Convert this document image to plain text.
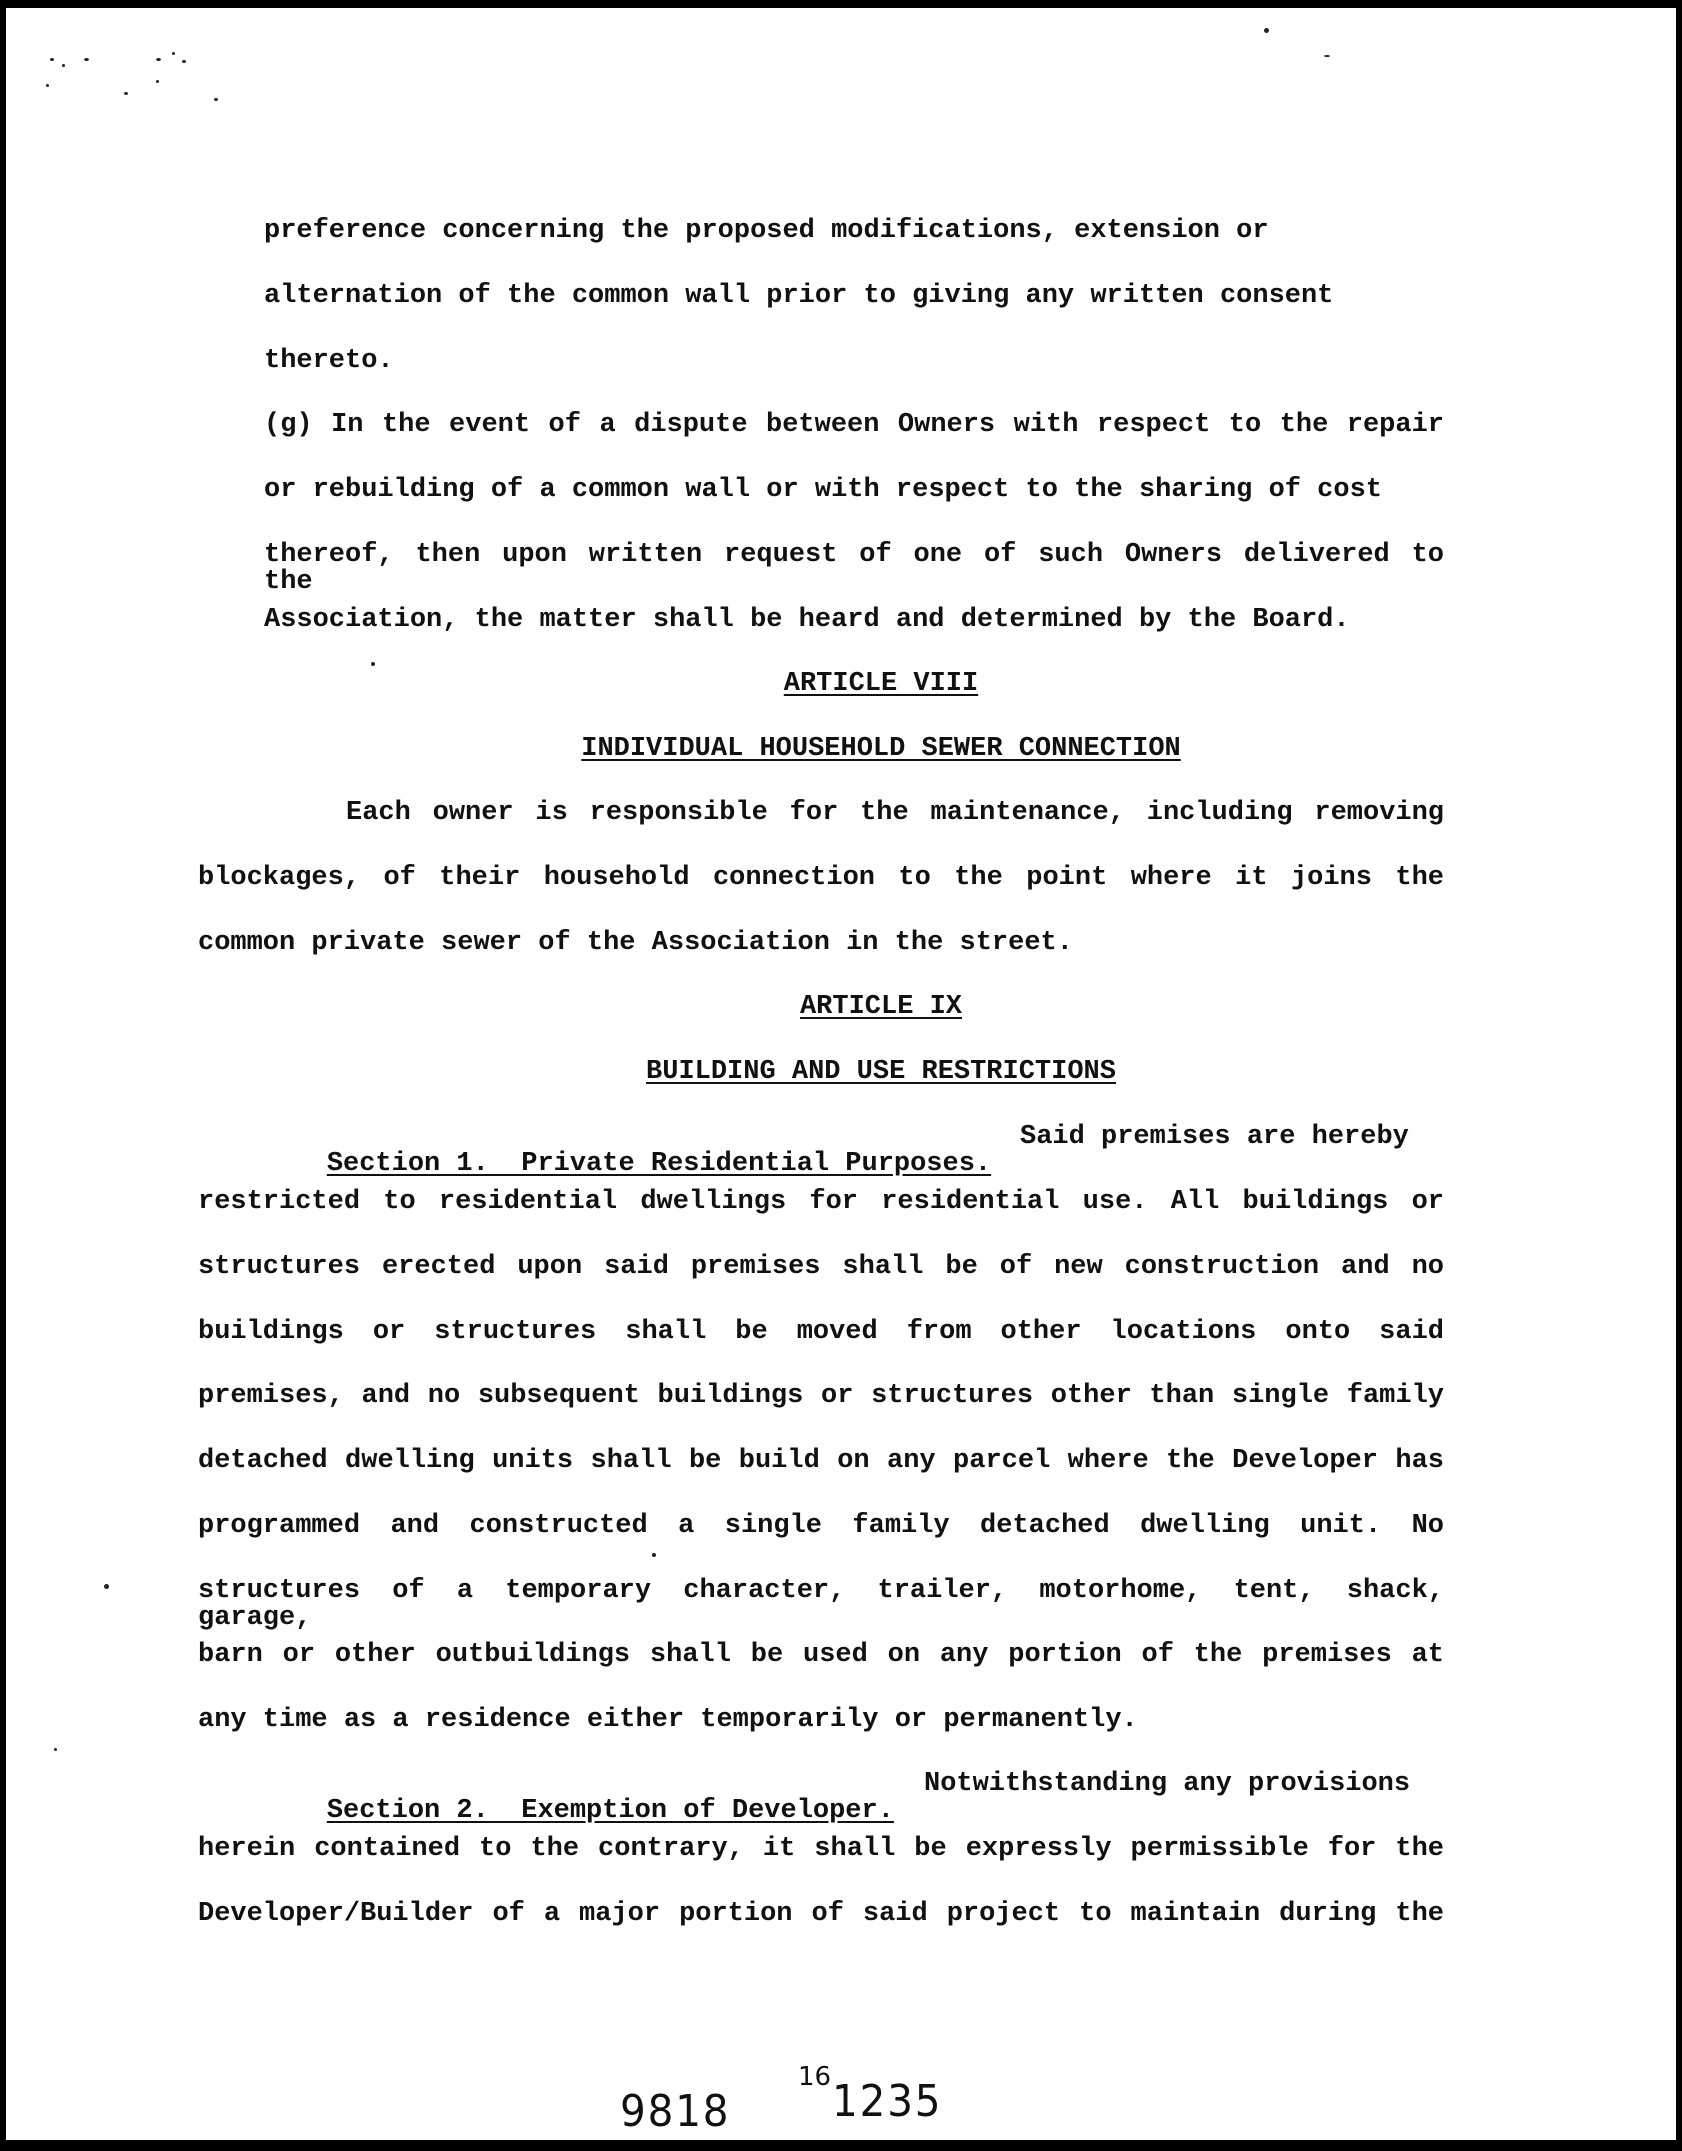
preference concerning the proposed modifications, extension or

alternation of the common wall prior to giving any written consent

thereto.

(g) In the event of a dispute between Owners with respect to the repair

or rebuilding of a common wall or with respect to the sharing of cost

thereof, then upon written request of one of such Owners delivered to the

Association, the matter shall be heard and determined by the Board.

ARTICLE VIII

INDIVIDUAL HOUSEHOLD SEWER CONNECTION

Each owner is responsible for the maintenance, including removing

blockages, of their household connection to the point where it joins the

common private sewer of the Association in the street.

ARTICLE IX

BUILDING AND USE RESTRICTIONS

Section 1.  Private Residential Purposes.

Said premises are hereby

restricted to residential dwellings for residential use. All buildings or

structures erected upon said premises shall be of new construction and no

buildings or structures shall be moved from other locations onto said

premises, and no subsequent buildings or structures other than single family

detached dwelling units shall be build on any parcel where the Developer has

programmed and constructed a single family detached dwelling unit. No

structures of a temporary character, trailer, motorhome, tent, shack, garage,

barn or other outbuildings shall be used on any portion of the premises at

any time as a residence either temporarily or permanently.

Section 2.  Exemption of Developer.

Notwithstanding any provisions

herein contained to the contrary, it shall be expressly permissible for the

Developer/Builder of a major portion of said project to maintain during the

9818
16 1235
